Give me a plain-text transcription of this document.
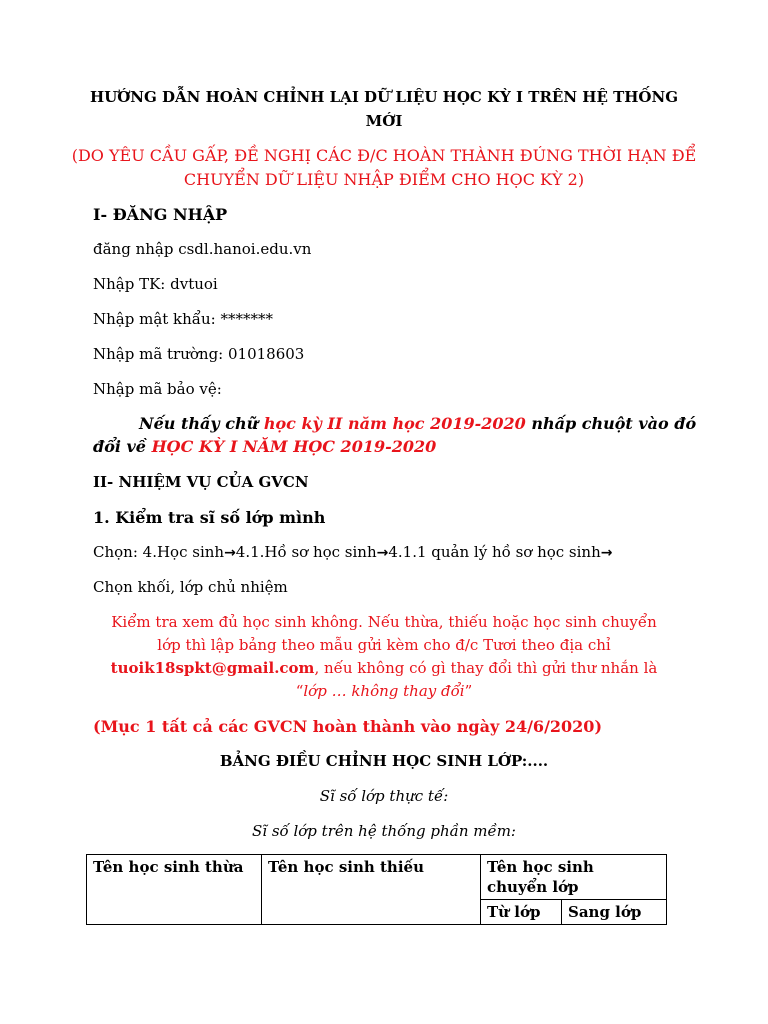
HƯỚNG DẪN HOÀN CHỈNH LẠI DỮ LIỆU HỌC KỲ I TRÊN HỆ THỐNG
MỚI
(DO YÊU CẦU GẤP, ĐỀ NGHỊ CÁC Đ/C HOÀN THÀNH ĐÚNG THỜI HẠN ĐỂ
CHUYỂN DỮ LIỆU NHẬP ĐIỂM CHO HỌC KỲ 2)
I- ĐĂNG NHẬP
đăng nhập csdl.hanoi.edu.vn
Nhập TK: dvtuoi
Nhập mật khẩu: *******
Nhập mã trường: 01018603
Nhập mã bảo vệ:
Nếu thấy chữ học kỳ II năm học 2019-2020 nhấp chuột vào đó
đổi về HỌC KỲ I NĂM HỌC 2019-2020
II- NHIỆM VỤ CỦA GVCN
1. Kiểm tra sĩ số lớp mình
Chọn: 4.Học sinh→4.1.Hồ sơ học sinh→4.1.1 quản lý hồ sơ học sinh→
Chọn khối, lớp chủ nhiệm
Kiểm tra xem đủ học sinh không. Nếu thừa, thiếu hoặc học sinh chuyển
lớp thì lập bảng theo mẫu gửi kèm cho đ/c Tươi theo địa chỉ
tuoik18spkt@gmail.com, nếu không có gì thay đổi thì gửi thư nhắn là
“lớp … không thay đổi”
(Mục 1 tất cả các GVCN hoàn thành vào ngày 24/6/2020)
BẢNG ĐIỀU CHỈNH HỌC SINH LỚP:....
Sĩ số lớp thực tế:
Sĩ số lớp trên hệ thống phần mềm:
Tên học sinh thừa	Tên học sinh thiếu	Tên học sinh
chuyển lớp	
		Từ lớp	Sang lớp
